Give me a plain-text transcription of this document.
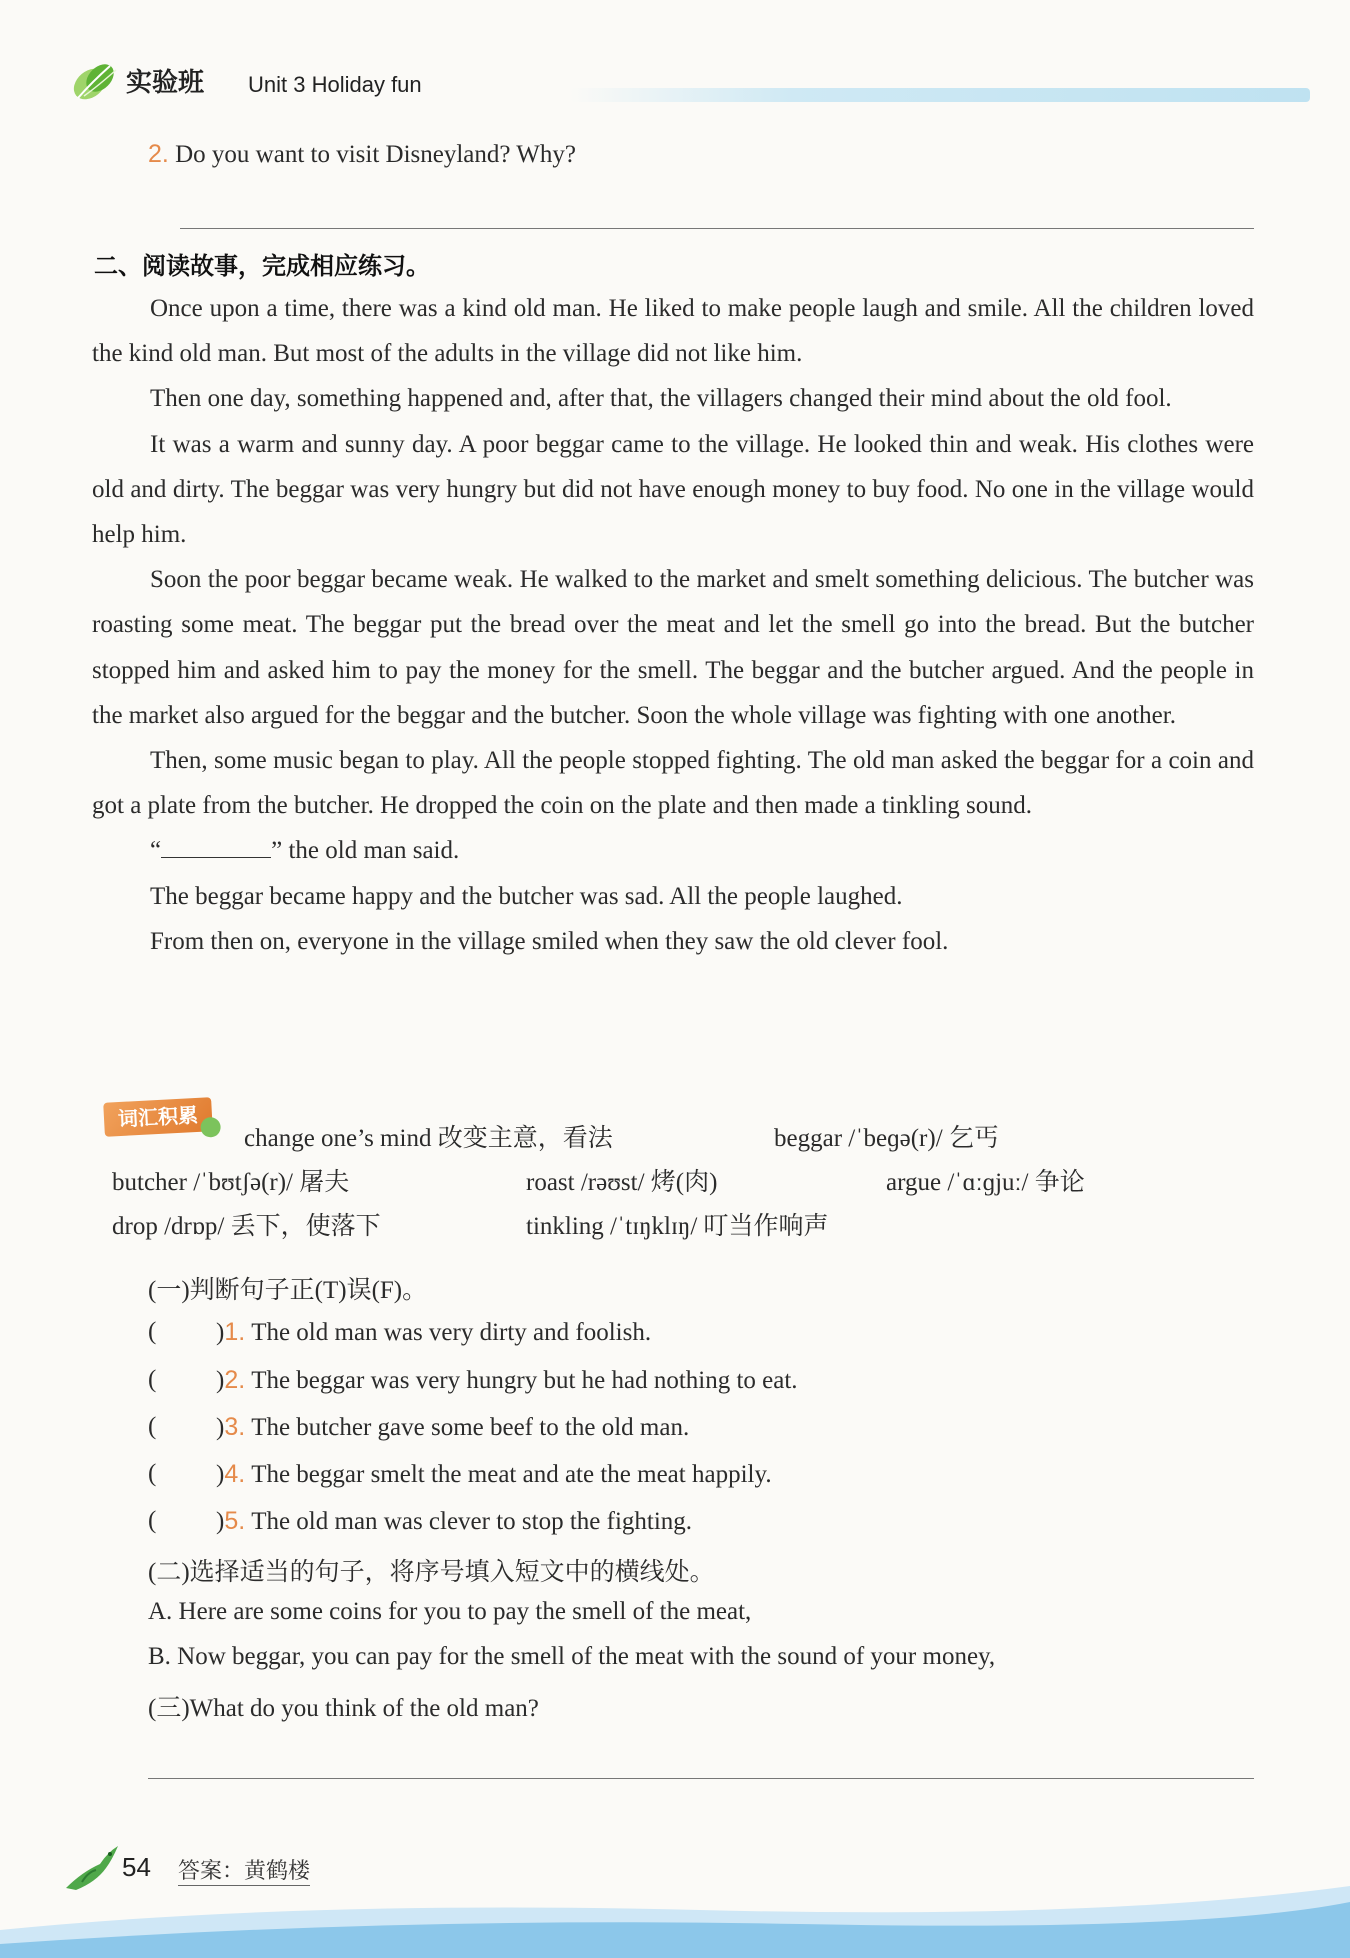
实验班 Unit 3 Holiday fun
2. Do you want to visit Disneyland? Why?
二、阅读故事，完成相应练习。

Once upon a time, there was a kind old man. He liked to make people laugh and smile. All the children loved the kind old man. But most of the adults in the village did not like him.

Then one day, something happened and, after that, the villagers changed their mind about the old fool.

It was a warm and sunny day. A poor beggar came to the village. He looked thin and weak. His clothes were old and dirty. The beggar was very hungry but did not have enough money to buy food. No one in the village would help him.

Soon the poor beggar became weak. He walked to the market and smelt something delicious. The butcher was roasting some meat. The beggar put the bread over the meat and let the smell go into the bread. But the butcher stopped him and asked him to pay the money for the smell. The beggar and the butcher argued. And the people in the market also argued for the beggar and the butcher. Soon the whole village was fighting with one another.

Then, some music began to play. All the people stopped fighting. The old man asked the beggar for a coin and got a plate from the butcher. He dropped the coin on the plate and then made a tinkling sound.

“	” the old man said.

The beggar became happy and the butcher was sad. All the people laughed.

From then on, everyone in the village smiled when they saw the old clever fool.

词汇积累
change one’s mind 改变主意，看法	beggar /ˈbeɡə(r)/ 乞丐
butcher /ˈbʊtʃə(r)/ 屠夫	roast /rəʊst/ 烤(肉)	argue /ˈɑːɡjuː/ 争论
drop /drɒp/ 丢下，使落下	tinkling /ˈtɪŋklɪŋ/ 叮当作响声
(一)判断句子正(T)误(F)。
( )1. The old man was very dirty and foolish.
( )2. The beggar was very hungry but he had nothing to eat.
( )3. The butcher gave some beef to the old man.
( )4. The beggar smelt the meat and ate the meat happily.
( )5. The old man was clever to stop the fighting.
(二)选择适当的句子，将序号填入短文中的横线处。
A. Here are some coins for you to pay the smell of the meat,
B. Now beggar, you can pay for the smell of the meat with the sound of your money,
(三)What do you think of the old man?
54 答案：黄鹤楼
